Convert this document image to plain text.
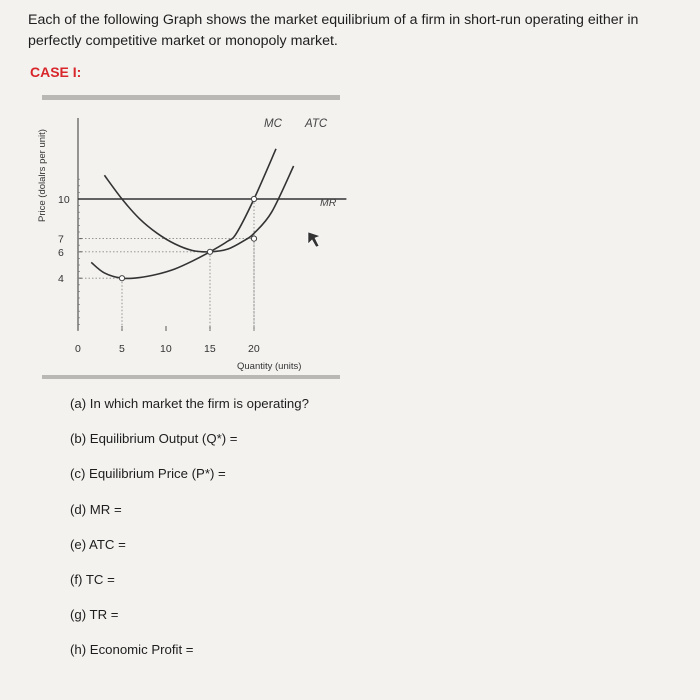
Each of the following Graph shows the market equilibrium of a firm in short-run operating either in perfectly competitive market or monopoly market.
CASE I:
4
6
7
10
0	5	10	15	20
MC ATC
MR
Quantity (units)
Price (dolalrs per unit)
(a) In which market the firm is operating?
(b) Equilibrium Output (Q*) =
(c) Equilibrium Price (P*) =
(d) MR =
(e) ATC =
(f) TC =
(g) TR =
(h) Economic Profit =
